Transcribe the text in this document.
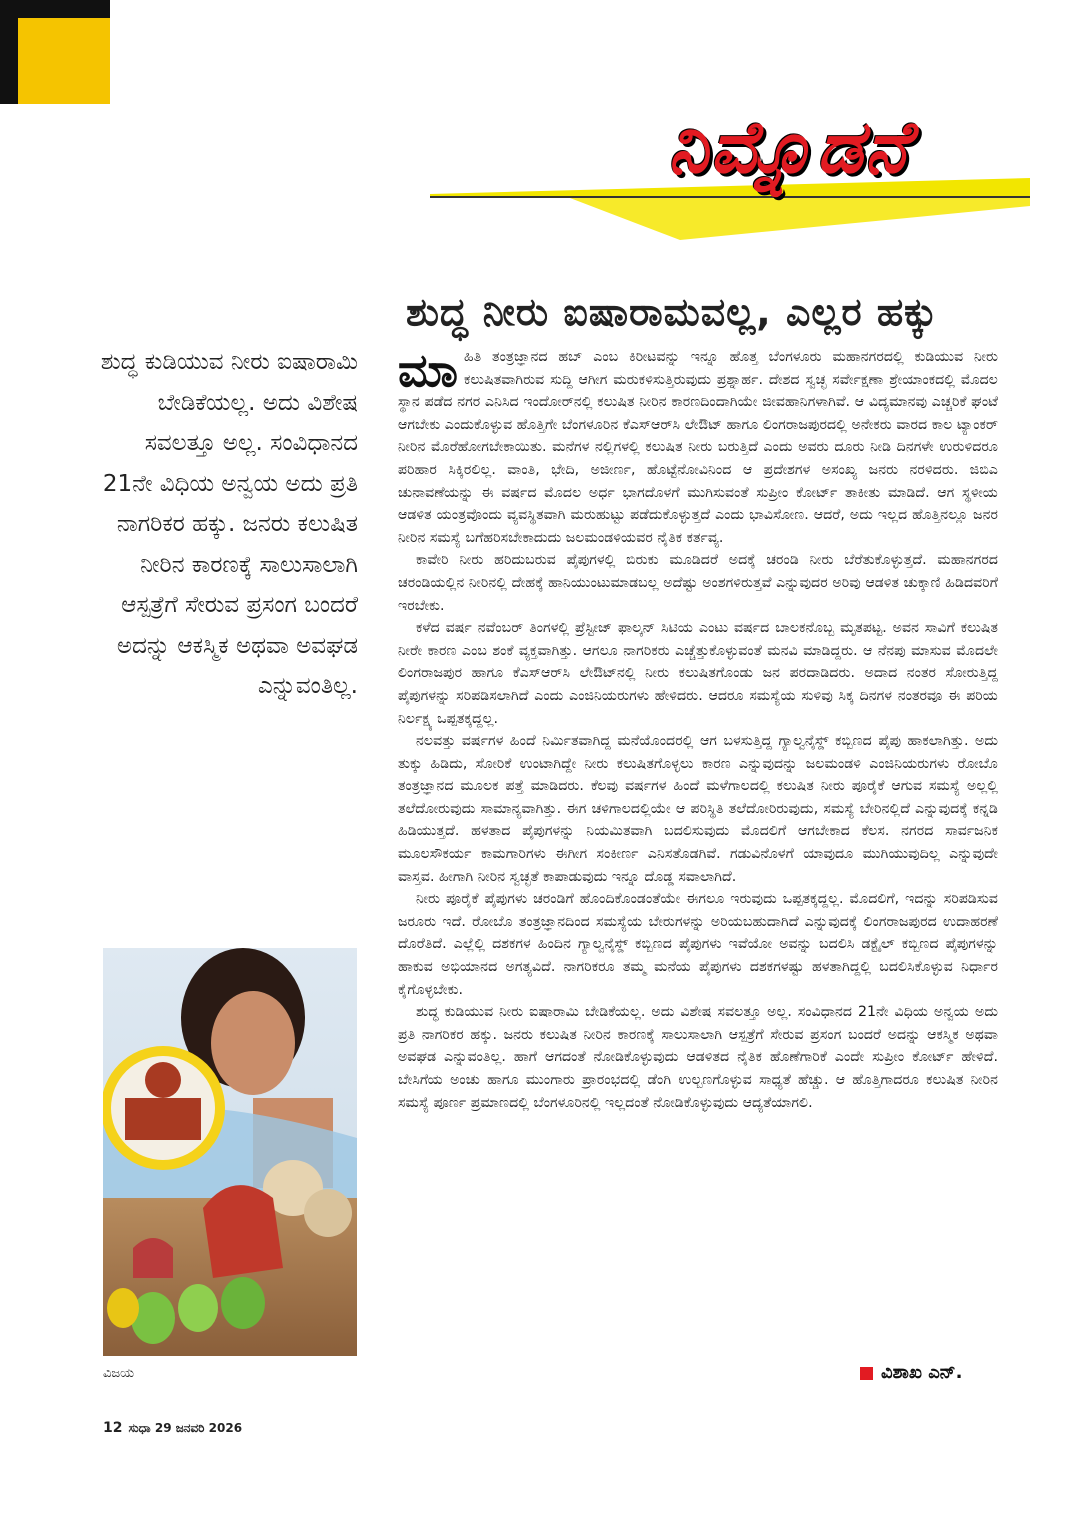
ನಿಮ್ನೊಡನೆ
ಶುದ್ಧ ನೀರು ಐಷಾರಾಮವಲ್ಲ, ಎಲ್ಲರ ಹಕ್ಕು

ಶುದ್ಧ ಕುಡಿಯುವ ನೀರು ಐಷಾರಾಮಿ ಬೇಡಿಕೆಯಲ್ಲ. ಅದು ವಿಶೇಷ ಸವಲತ್ತೂ ಅಲ್ಲ. ಸಂವಿಧಾನದ 21ನೇ ವಿಧಿಯ ಅನ್ವಯ ಅದು ಪ್ರತಿ ನಾಗರಿಕರ ಹಕ್ಕು. ಜನರು ಕಲುಷಿತ ನೀರಿನ ಕಾರಣಕ್ಕೆ ಸಾಲುಸಾಲಾಗಿ ಆಸ್ಪತ್ರೆಗೆ ಸೇರುವ ಪ್ರಸಂಗ ಬಂದರೆ ಅದನ್ನು ಆಕಸ್ಮಿಕ ಅಥವಾ ಅವಘಡ ಎನ್ನುವಂತಿಲ್ಲ.

ವಿಜಯ

ಮಾಹಿತಿ ತಂತ್ರಜ್ಞಾನದ ಹಬ್ ಎಂಬ ಕಿರೀಟವನ್ನು ಇನ್ನೂ ಹೊತ್ತ ಬೆಂಗಳೂರು ಮಹಾನಗರದಲ್ಲಿ ಕುಡಿಯುವ ನೀರು ಕಲುಷಿತವಾಗಿರುವ ಸುದ್ದಿ ಆಗೀಗ ಮರುಕಳಿಸುತ್ತಿರುವುದು ಪ್ರಶ್ನಾರ್ಹ. ದೇಶದ ಸ್ವಚ್ಛ ಸರ್ವೇಕ್ಷಣಾ ಶ್ರೇಯಾಂಕದಲ್ಲಿ ಮೊದಲ ಸ್ಥಾನ ಪಡೆದ ನಗರ ಎನಿಸಿದ ಇಂದೋರ್‌ನಲ್ಲಿ ಕಲುಷಿತ ನೀರಿನ ಕಾರಣದಿಂದಾಗಿಯೇ ಜೀವಹಾನಿಗಳಾಗಿವೆ. ಆ ವಿದ್ಯಮಾನವು ಎಚ್ಚರಿಕೆ ಘಂಟೆ ಆಗಬೇಕು ಎಂದುಕೊಳ್ಳುವ ಹೊತ್ತಿಗೇ ಬೆಂಗಳೂರಿನ ಕೆಎಸ್‌ಆರ್‌ಸಿ ಲೇಔಟ್ ಹಾಗೂ ಲಿಂಗರಾಜಪುರದಲ್ಲಿ ಅನೇಕರು ವಾರದ ಕಾಲ ಟ್ಯಾಂಕರ್ ನೀರಿನ ಮೊರೆಹೋಗಬೇಕಾಯಿತು. ಮನೆಗಳ ನಲ್ಲಿಗಳಲ್ಲಿ ಕಲುಷಿತ ನೀರು ಬರುತ್ತಿದೆ ಎಂದು ಅವರು ದೂರು ನೀಡಿ ದಿನಗಳೇ ಉರುಳಿದರೂ ಪರಿಹಾರ ಸಿಕ್ಕಿರಲಿಲ್ಲ. ವಾಂತಿ, ಭೇದಿ, ಅಜೀರ್ಣ, ಹೊಟ್ಟೆನೋವಿನಿಂದ ಆ ಪ್ರದೇಶಗಳ ಅಸಂಖ್ಯ ಜನರು ನರಳಿದರು. ಜಿಬಿಎ ಚುನಾವಣೆಯನ್ನು ಈ ವರ್ಷದ ಮೊದಲ ಅರ್ಧ ಭಾಗದೊಳಗೆ ಮುಗಿಸುವಂತೆ ಸುಪ್ರೀಂ ಕೋರ್ಟ್ ತಾಕೀತು ಮಾಡಿದೆ. ಆಗ ಸ್ಥಳೀಯ ಆಡಳಿತ ಯಂತ್ರವೊಂದು ವ್ಯವಸ್ಥಿತವಾಗಿ ಮರುಹುಟ್ಟು ಪಡೆದುಕೊಳ್ಳುತ್ತದೆ ಎಂದು ಭಾವಿಸೋಣ. ಆದರೆ, ಅದು ಇಲ್ಲದ ಹೊತ್ತಿನಲ್ಲೂ ಜನರ ನೀರಿನ ಸಮಸ್ಯೆ ಬಗೆಹರಿಸಬೇಕಾದುದು ಜಲಮಂಡಳಿಯವರ ನೈತಿಕ ಕರ್ತವ್ಯ.

ಕಾವೇರಿ ನೀರು ಹರಿದುಬರುವ ಪೈಪುಗಳಲ್ಲಿ ಬಿರುಕು ಮೂಡಿದರೆ ಅದಕ್ಕೆ ಚರಂಡಿ ನೀರು ಬೆರೆತುಕೊಳ್ಳುತ್ತದೆ. ಮಹಾನಗರದ ಚರಂಡಿಯಲ್ಲಿನ ನೀರಿನಲ್ಲಿ ದೇಹಕ್ಕೆ ಹಾನಿಯುಂಟುಮಾಡಬಲ್ಲ ಅದೆಷ್ಟು ಅಂಶಗಳಿರುತ್ತವೆ ಎನ್ನುವುದರ ಅರಿವು ಆಡಳಿತ ಚುಕ್ಕಾಣಿ ಹಿಡಿದವರಿಗೆ ಇರಬೇಕು.

ಕಳೆದ ವರ್ಷ ನವೆಂಬರ್ ತಿಂಗಳಲ್ಲಿ ಪ್ರೆಸ್ಟೀಜ್ ಫಾಲ್ಕನ್ ಸಿಟಿಯ ಎಂಟು ವರ್ಷದ ಬಾಲಕನೊಬ್ಬ ಮೃತಪಟ್ಟ. ಅವನ ಸಾವಿಗೆ ಕಲುಷಿತ ನೀರೇ ಕಾರಣ ಎಂಬ ಶಂಕೆ ವ್ಯಕ್ತವಾಗಿತ್ತು. ಆಗಲೂ ನಾಗರಿಕರು ಎಚ್ಚೆತ್ತುಕೊಳ್ಳುವಂತೆ ಮನವಿ ಮಾಡಿದ್ದರು. ಆ ನೆನಪು ಮಾಸುವ ಮೊದಲೇ ಲಿಂಗರಾಜಪುರ ಹಾಗೂ ಕೆಎಸ್‌ಆರ್‌ಸಿ ಲೇಔಟ್‌ನಲ್ಲಿ ನೀರು ಕಲುಷಿತಗೊಂಡು ಜನ ಪರದಾಡಿದರು. ಅದಾದ ನಂತರ ಸೋರುತ್ತಿದ್ದ ಪೈಪುಗಳನ್ನು ಸರಿಪಡಿಸಲಾಗಿದೆ ಎಂದು ಎಂಜಿನಿಯರುಗಳು ಹೇಳಿದರು. ಆದರೂ ಸಮಸ್ಯೆಯ ಸುಳಿವು ಸಿಕ್ಕ ದಿನಗಳ ನಂತರವೂ ಈ ಪರಿಯ ನಿರ್ಲಕ್ಷ್ಯ ಒಪ್ಪತಕ್ಕದ್ದಲ್ಲ.

ನಲವತ್ತು ವರ್ಷಗಳ ಹಿಂದೆ ನಿರ್ಮಿತವಾಗಿದ್ದ ಮನೆಯೊಂದರಲ್ಲಿ ಆಗ ಬಳಸುತ್ತಿದ್ದ ಗ್ಯಾಲ್ವನೈಸ್ಡ್ ಕಬ್ಬಿಣದ ಪೈಪು ಹಾಕಲಾಗಿತ್ತು. ಅದು ತುಕ್ಕು ಹಿಡಿದು, ಸೋರಿಕೆ ಉಂಟಾಗಿದ್ದೇ ನೀರು ಕಲುಷಿತಗೊಳ್ಳಲು ಕಾರಣ ಎನ್ನುವುದನ್ನು ಜಲಮಂಡಳಿ ಎಂಜಿನಿಯರುಗಳು ರೋಬೊ ತಂತ್ರಜ್ಞಾನದ ಮೂಲಕ ಪತ್ತೆ ಮಾಡಿದರು. ಕೆಲವು ವರ್ಷಗಳ ಹಿಂದೆ ಮಳೆಗಾಲದಲ್ಲಿ ಕಲುಷಿತ ನೀರು ಪೂರೈಕೆ ಆಗುವ ಸಮಸ್ಯೆ ಅಲ್ಲಲ್ಲಿ ತಲೆದೋರುವುದು ಸಾಮಾನ್ಯವಾಗಿತ್ತು. ಈಗ ಚಳಿಗಾಲದಲ್ಲಿಯೇ ಆ ಪರಿಸ್ಥಿತಿ ತಲೆದೋರಿರುವುದು, ಸಮಸ್ಯೆ ಬೇರಿನಲ್ಲಿದೆ ಎನ್ನುವುದಕ್ಕೆ ಕನ್ನಡಿ ಹಿಡಿಯುತ್ತದೆ. ಹಳತಾದ ಪೈಪುಗಳನ್ನು ನಿಯಮಿತವಾಗಿ ಬದಲಿಸುವುದು ಮೊದಲಿಗೆ ಆಗಬೇಕಾದ ಕೆಲಸ. ನಗರದ ಸಾರ್ವಜನಿಕ ಮೂಲಸೌಕರ್ಯ ಕಾಮಗಾರಿಗಳು ಈಗೀಗ ಸಂಕೀರ್ಣ ಎನಿಸತೊಡಗಿವೆ. ಗಡುವಿನೊಳಗೆ ಯಾವುದೂ ಮುಗಿಯುವುದಿಲ್ಲ ಎನ್ನುವುದೇ ವಾಸ್ತವ. ಹೀಗಾಗಿ ನೀರಿನ ಸ್ವಚ್ಛತೆ ಕಾಪಾಡುವುದು ಇನ್ನೂ ದೊಡ್ಡ ಸವಾಲಾಗಿದೆ.

ನೀರು ಪೂರೈಕೆ ಪೈಪುಗಳು ಚರಂಡಿಗೆ ಹೊಂದಿಕೊಂಡಂತೆಯೇ ಈಗಲೂ ಇರುವುದು ಒಪ್ಪತಕ್ಕದ್ದಲ್ಲ. ಮೊದಲಿಗೆ, ಇದನ್ನು ಸರಿಪಡಿಸುವ ಜರೂರು ಇದೆ. ರೋಬೊ ತಂತ್ರಜ್ಞಾನದಿಂದ ಸಮಸ್ಯೆಯ ಬೇರುಗಳನ್ನು ಅರಿಯಬಹುದಾಗಿದೆ ಎನ್ನುವುದಕ್ಕೆ ಲಿಂಗರಾಜಪುರದ ಉದಾಹರಣೆ ದೊರೆತಿದೆ. ಎಲ್ಲೆಲ್ಲಿ ದಶಕಗಳ ಹಿಂದಿನ ಗ್ಯಾಲ್ವನೈಸ್ಡ್ ಕಬ್ಬಿಣದ ಪೈಪುಗಳು ಇವೆಯೋ ಅವನ್ನು ಬದಲಿಸಿ ಡಕ್ಟೈಲ್ ಕಬ್ಬಿಣದ ಪೈಪುಗಳನ್ನು ಹಾಕುವ ಅಭಿಯಾನದ ಅಗತ್ಯವಿದೆ. ನಾಗರಿಕರೂ ತಮ್ಮ ಮನೆಯ ಪೈಪುಗಳು ದಶಕಗಳಷ್ಟು ಹಳತಾಗಿದ್ದಲ್ಲಿ ಬದಲಿಸಿಕೊಳ್ಳುವ ನಿರ್ಧಾರ ಕೈಗೊಳ್ಳಬೇಕು.

ಶುದ್ಧ ಕುಡಿಯುವ ನೀರು ಐಷಾರಾಮಿ ಬೇಡಿಕೆಯಲ್ಲ. ಅದು ವಿಶೇಷ ಸವಲತ್ತೂ ಅಲ್ಲ. ಸಂವಿಧಾನದ 21ನೇ ವಿಧಿಯ ಅನ್ವಯ ಅದು ಪ್ರತಿ ನಾಗರಿಕರ ಹಕ್ಕು. ಜನರು ಕಲುಷಿತ ನೀರಿನ ಕಾರಣಕ್ಕೆ ಸಾಲುಸಾಲಾಗಿ ಆಸ್ಪತ್ರೆಗೆ ಸೇರುವ ಪ್ರಸಂಗ ಬಂದರೆ ಅದನ್ನು ಆಕಸ್ಮಿಕ ಅಥವಾ ಅವಘಡ ಎನ್ನುವಂತಿಲ್ಲ. ಹಾಗೆ ಆಗದಂತೆ ನೋಡಿಕೊಳ್ಳುವುದು ಆಡಳಿತದ ನೈತಿಕ ಹೊಣೆಗಾರಿಕೆ ಎಂದೇ ಸುಪ್ರೀಂ ಕೋರ್ಟ್ ಹೇಳಿದೆ. ಬೇಸಿಗೆಯ ಅಂಚು ಹಾಗೂ ಮುಂಗಾರು ಪ್ರಾರಂಭದಲ್ಲಿ ಡೆಂಗಿ ಉಲ್ಬಣಗೊಳ್ಳುವ ಸಾಧ್ಯತೆ ಹೆಚ್ಚು. ಆ ಹೊತ್ತಿಗಾದರೂ ಕಲುಷಿತ ನೀರಿನ ಸಮಸ್ಯೆ ಪೂರ್ಣ ಪ್ರಮಾಣದಲ್ಲಿ ಬೆಂಗಳೂರಿನಲ್ಲಿ ಇಲ್ಲದಂತೆ ನೋಡಿಕೊಳ್ಳುವುದು ಆದ್ಯತೆಯಾಗಲಿ.

ವಿಶಾಖ ಎನ್.
12 ಸುಧಾ 29 ಜನವರಿ 2026
